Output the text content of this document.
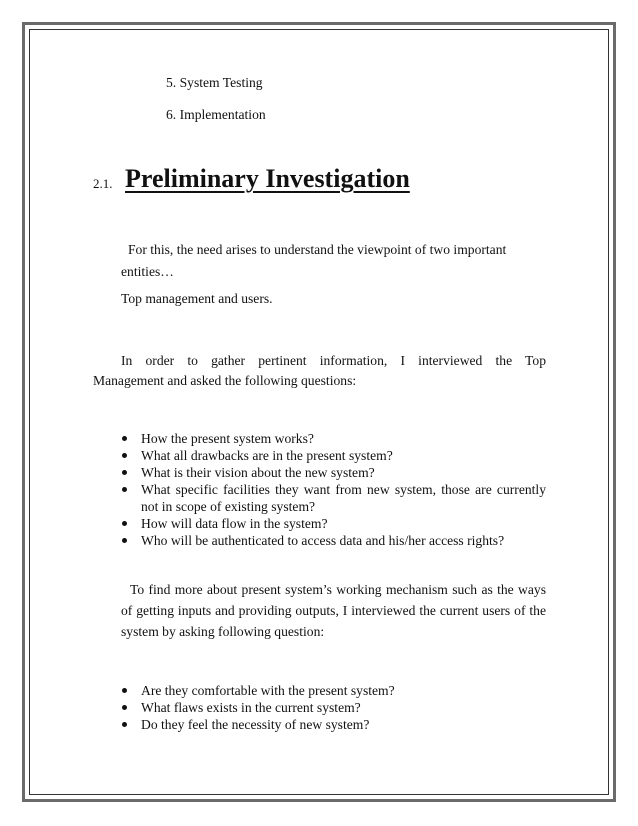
5. System Testing
6. Implementation
2.1. Preliminary Investigation
For this, the need arises to understand the viewpoint of two important
entities…
Top management and users.
In order to gather pertinent information, I interviewed the Top
Management and asked the following questions:
How the present system works?
What all drawbacks are in the present system?
What is their vision about the new system?
What specific facilities they want from new system, those are currently not in scope of existing system?
How will data flow in the system?
Who will be authenticated to access data and his/her access rights?
To find more about present system’s working mechanism such as the ways of getting inputs and providing outputs, I interviewed the current users of the system by asking following question:
Are they comfortable with the present system?
What flaws exists in the current system?
Do they feel the necessity of new system?
